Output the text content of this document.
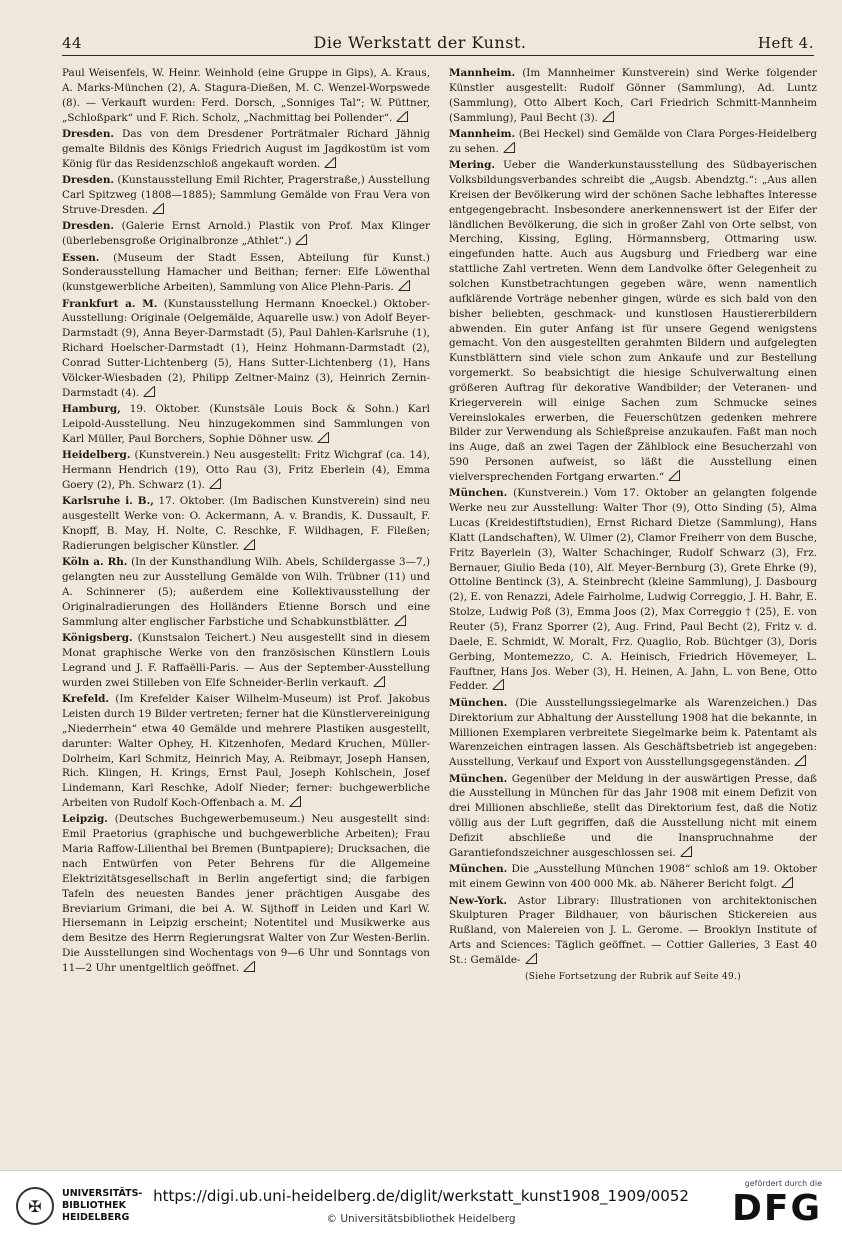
44	Die Werkstatt der Kunst.	Heft 4.

Paul Weisenfels, W. Heinr. Weinhold (eine Gruppe in Gips), A. Kraus, A. Marks-München (2), A. Stagura-Dießen, M. C. Wenzel-Worpswede (8). — Verkauft wurden: Ferd. Dorsch, „Sonniges Tal“; W. Püttner, „Schloßpark“ und F. Rich. Scholz, „Nachmittag bei Pollender“.

Dresden. Das von dem Dresdener Porträtmaler Richard Jähnig gemalte Bildnis des Königs Friedrich August im Jagdkostüm ist vom König für das Residenzschloß angekauft worden.

Dresden. (Kunstausstellung Emil Richter, Pragerstraße,) Ausstellung Carl Spitzweg (1808—1885); Sammlung Gemälde von Frau Vera von Struve-Dresden.

Dresden. (Galerie Ernst Arnold.) Plastik von Prof. Max Klinger (überlebensgroße Originalbronze „Athlet“.)

Essen. (Museum der Stadt Essen, Abteilung für Kunst.) Sonderausstellung Hamacher und Beithan; ferner: Elfe Löwenthal (kunstgewerbliche Arbeiten), Sammlung von Alice Plehn-Paris.

Frankfurt a. M. (Kunstausstellung Hermann Knoeckel.) Oktober-Ausstellung: Originale (Oelgemälde, Aquarelle usw.) von Adolf Beyer-Darmstadt (9), Anna Beyer-Darmstadt (5), Paul Dahlen-Karlsruhe (1), Richard Hoelscher-Darmstadt (1), Heinz Hohmann-Darmstadt (2), Conrad Sutter-Lichtenberg (5), Hans Sutter-Lichtenberg (1), Hans Völcker-Wiesbaden (2), Philipp Zeltner-Mainz (3), Heinrich Zernin-Darmstadt (4).

Hamburg, 19. Oktober. (Kunstsäle Louis Bock & Sohn.) Karl Leipold-Ausstellung. Neu hinzugekommen sind Sammlungen von Karl Müller, Paul Borchers, Sophie Döhner usw.

Heidelberg. (Kunstverein.) Neu ausgestellt: Fritz Wichgraf (ca. 14), Hermann Hendrich (19), Otto Rau (3), Fritz Eberlein (4), Emma Goery (2), Ph. Schwarz (1).

Karlsruhe i. B., 17. Oktober. (Im Badischen Kunstverein) sind neu ausgestellt Werke von: O. Ackermann, A. v. Brandis, K. Dussault, F. Knopff, B. May, H. Nolte, C. Reschke, F. Wildhagen, F. Fileßen; Radierungen belgischer Künstler.

Köln a. Rh. (In der Kunsthandlung Wilh. Abels, Schildergasse 3—7,) gelangten neu zur Ausstellung Gemälde von Wilh. Trübner (11) und A. Schinnerer (5); außerdem eine Kollektivausstellung der Originalradierungen des Holländers Etienne Borsch und eine Sammlung alter englischer Farbstiche und Schabkunstblätter.

Königsberg. (Kunstsalon Teichert.) Neu ausgestellt sind in diesem Monat graphische Werke von den französischen Künstlern Louis Legrand und J. F. Raffaëlli-Paris. — Aus der September-Ausstellung wurden zwei Stilleben von Elfe Schneider-Berlin verkauft.

Krefeld. (Im Krefelder Kaiser Wilhelm-Museum) ist Prof. Jakobus Leisten durch 19 Bilder vertreten; ferner hat die Künstlervereinigung „Niederrhein“ etwa 40 Gemälde und mehrere Plastiken ausgestellt, darunter: Walter Ophey, H. Kitzenhofen, Medard Kruchen, Müller-Dolrheim, Karl Schmitz, Heinrich May, A. Reibmayr, Joseph Hansen, Rich. Klingen, H. Krings, Ernst Paul, Joseph Kohlschein, Josef Lindemann, Karl Reschke, Adolf Nieder; ferner: buchgewerbliche Arbeiten von Rudolf Koch-Offenbach a. M.

Leipzig. (Deutsches Buchgewerbemuseum.) Neu ausgestellt sind: Emil Praetorius (graphische und buchgewerbliche Arbeiten); Frau Maria Raffow-Lilienthal bei Bremen (Buntpapiere); Drucksachen, die nach Entwürfen von Peter Behrens für die Allgemeine Elektrizitätsgesellschaft in Berlin angefertigt sind; die farbigen Tafeln des neuesten Bandes jener prächtigen Ausgabe des Breviarium Grimani, die bei A. W. Sijthoff in Leiden und Karl W. Hiersemann in Leipzig erscheint; Notentitel und Musikwerke aus dem Besitze des Herrn Regierungsrat Walter von Zur Westen-Berlin. Die Ausstellungen sind Wochentags von 9—6 Uhr und Sonntags von 11—2 Uhr unentgeltlich geöffnet.

Mannheim. (Im Mannheimer Kunstverein) sind Werke folgender Künstler ausgestellt: Rudolf Gönner (Sammlung), Ad. Luntz (Sammlung), Otto Albert Koch, Carl Friedrich Schmitt-Mannheim (Sammlung), Paul Becht (3).

Mannheim. (Bei Heckel) sind Gemälde von Clara Porges-Heidelberg zu sehen.

Mering. Ueber die Wanderkunstausstellung des Südbayerischen Volksbildungsverbandes schreibt die „Augsb. Abendztg.“: „Aus allen Kreisen der Bevölkerung wird der schönen Sache lebhaftes Interesse entgegengebracht. Insbesondere anerkennenswert ist der Eifer der ländlichen Bevölkerung, die sich in großer Zahl von Orte selbst, von Merching, Kissing, Egling, Hörmannsberg, Ottmaring usw. eingefunden hatte. Auch aus Augsburg und Friedberg war eine stattliche Zahl vertreten. Wenn dem Landvolke öfter Gelegenheit zu solchen Kunstbetrachtungen gegeben wäre, wenn namentlich aufklärende Vorträge nebenher gingen, würde es sich bald von den bisher beliebten, geschmack- und kunstlosen Haustiererbildern abwenden. Ein guter Anfang ist für unsere Gegend wenigstens gemacht. Von den ausgestellten gerahmten Bildern und aufgelegten Kunstblättern sind viele schon zum Ankaufe und zur Bestellung vorgemerkt. So beabsichtigt die hiesige Schulverwaltung einen größeren Auftrag für dekorative Wandbilder; der Veteranen- und Kriegerverein will einige Sachen zum Schmucke seines Vereinslokales erwerben, die Feuerschützen gedenken mehrere Bilder zur Verwendung als Schießpreise anzukaufen. Faßt man noch ins Auge, daß an zwei Tagen der Zählblock eine Besucherzahl von 590 Personen aufweist, so läßt die Ausstellung einen vielversprechenden Fortgang erwarten.“

München. (Kunstverein.) Vom 17. Oktober an gelangten folgende Werke neu zur Ausstellung: Walter Thor (9), Otto Sinding (5), Alma Lucas (Kreidestiftstudien), Ernst Richard Dietze (Sammlung), Hans Klatt (Landschaften), W. Ulmer (2), Clamor Freiherr von dem Busche, Fritz Bayerlein (3), Walter Schachinger, Rudolf Schwarz (3), Frz. Bernauer, Giulio Beda (10), Alf. Meyer-Bernburg (3), Grete Ehrke (9), Ottoline Bentinck (3), A. Steinbrecht (kleine Sammlung), J. Dasbourg (2), E. von Renazzi, Adele Fairholme, Ludwig Correggio, J. H. Bahr, E. Stolze, Ludwig Poß (3), Emma Joos (2), Max Correggio † (25), E. von Reuter (5), Franz Sporrer (2), Aug. Frind, Paul Becht (2), Fritz v. d. Daele, E. Schmidt, W. Moralt, Frz. Quaglio, Rob. Büchtger (3), Doris Gerbing, Montemezzo, C. A. Heinisch, Friedrich Hövemeyer, L. Fauftner, Hans Jos. Weber (3), H. Heinen, A. Jahn, L. von Bene, Otto Fedder.

München. (Die Ausstellungssiegelmarke als Warenzeichen.) Das Direktorium zur Abhaltung der Ausstellung 1908 hat die bekannte, in Millionen Exemplaren verbreitete Siegelmarke beim k. Patentamt als Warenzeichen eintragen lassen. Als Geschäftsbetrieb ist angegeben: Ausstellung, Verkauf und Export von Ausstellungsgegenständen.

München. Gegenüber der Meldung in der auswärtigen Presse, daß die Ausstellung in München für das Jahr 1908 mit einem Defizit von drei Millionen abschließe, stellt das Direktorium fest, daß die Notiz völlig aus der Luft gegriffen, daß die Ausstellung nicht mit einem Defizit abschließe und die Inanspruchnahme der Garantiefondszeichner ausgeschlossen sei.

München. Die „Ausstellung München 1908“ schloß am 19. Oktober mit einem Gewinn von 400 000 Mk. ab. Näherer Bericht folgt.

New-York. Astor Library: Illustrationen von architektonischen Skulpturen Prager Bildhauer, von bäurischen Stickereien aus Rußland, von Malereien von J. L. Gerome. — Brooklyn Institute of Arts and Sciences: Täglich geöffnet. — Cottier Galleries, 3 East 40 St.: Gemälde-

(Siehe Fortsetzung der Rubrik auf Seite 49.)
✠
UNIVERSITÄTS-
BIBLIOTHEK
HEIDELBERG
https://digi.ub.uni-heidelberg.de/diglit/werkstatt_kunst1908_1909/0052
© Universitätsbibliothek Heidelberg
gefördert durch die
DFG
